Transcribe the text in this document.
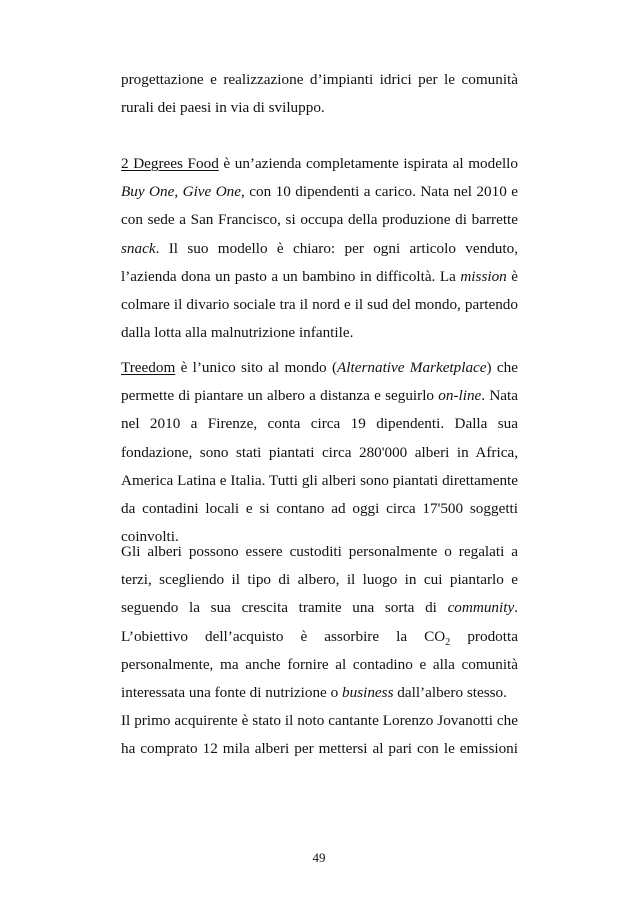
progettazione e realizzazione d’impianti idrici per le comunità
rurali dei paesi in via di sviluppo.
2 Degrees Food è un’azienda completamente ispirata al modello
Buy One, Give One, con 10 dipendenti a carico. Nata nel 2010 e
con sede a San Francisco, si occupa della produzione di barrette
snack. Il suo modello è chiaro: per ogni articolo venduto,
l’azienda dona un pasto a un bambino in difficoltà. La mission è
colmare il divario sociale tra il nord e il sud del mondo, partendo
dalla lotta alla malnutrizione infantile.
Treedom è l’unico sito al mondo (Alternative Marketplace) che
permette di piantare un albero a distanza e seguirlo on-line. Nata
nel 2010 a Firenze, conta circa 19 dipendenti. Dalla sua
fondazione, sono stati piantati circa 280'000 alberi in Africa,
America Latina e Italia. Tutti gli alberi sono piantati direttamente
da contadini locali e si contano ad oggi circa 17'500 soggetti
coinvolti.
Gli alberi possono essere custoditi personalmente o regalati a
terzi, scegliendo il tipo di albero, il luogo in cui piantarlo e
seguendo la sua crescita tramite una sorta di community.
L’obiettivo dell’acquisto è assorbire la $CO_2$ prodotta
personalmente, ma anche fornire al contadino e alla comunità
interessata una fonte di nutrizione o business dall’albero stesso.
Il primo acquirente è stato il noto cantante Lorenzo Jovanotti che
ha comprato 12 mila alberi per mettersi al pari con le emissioni
49
